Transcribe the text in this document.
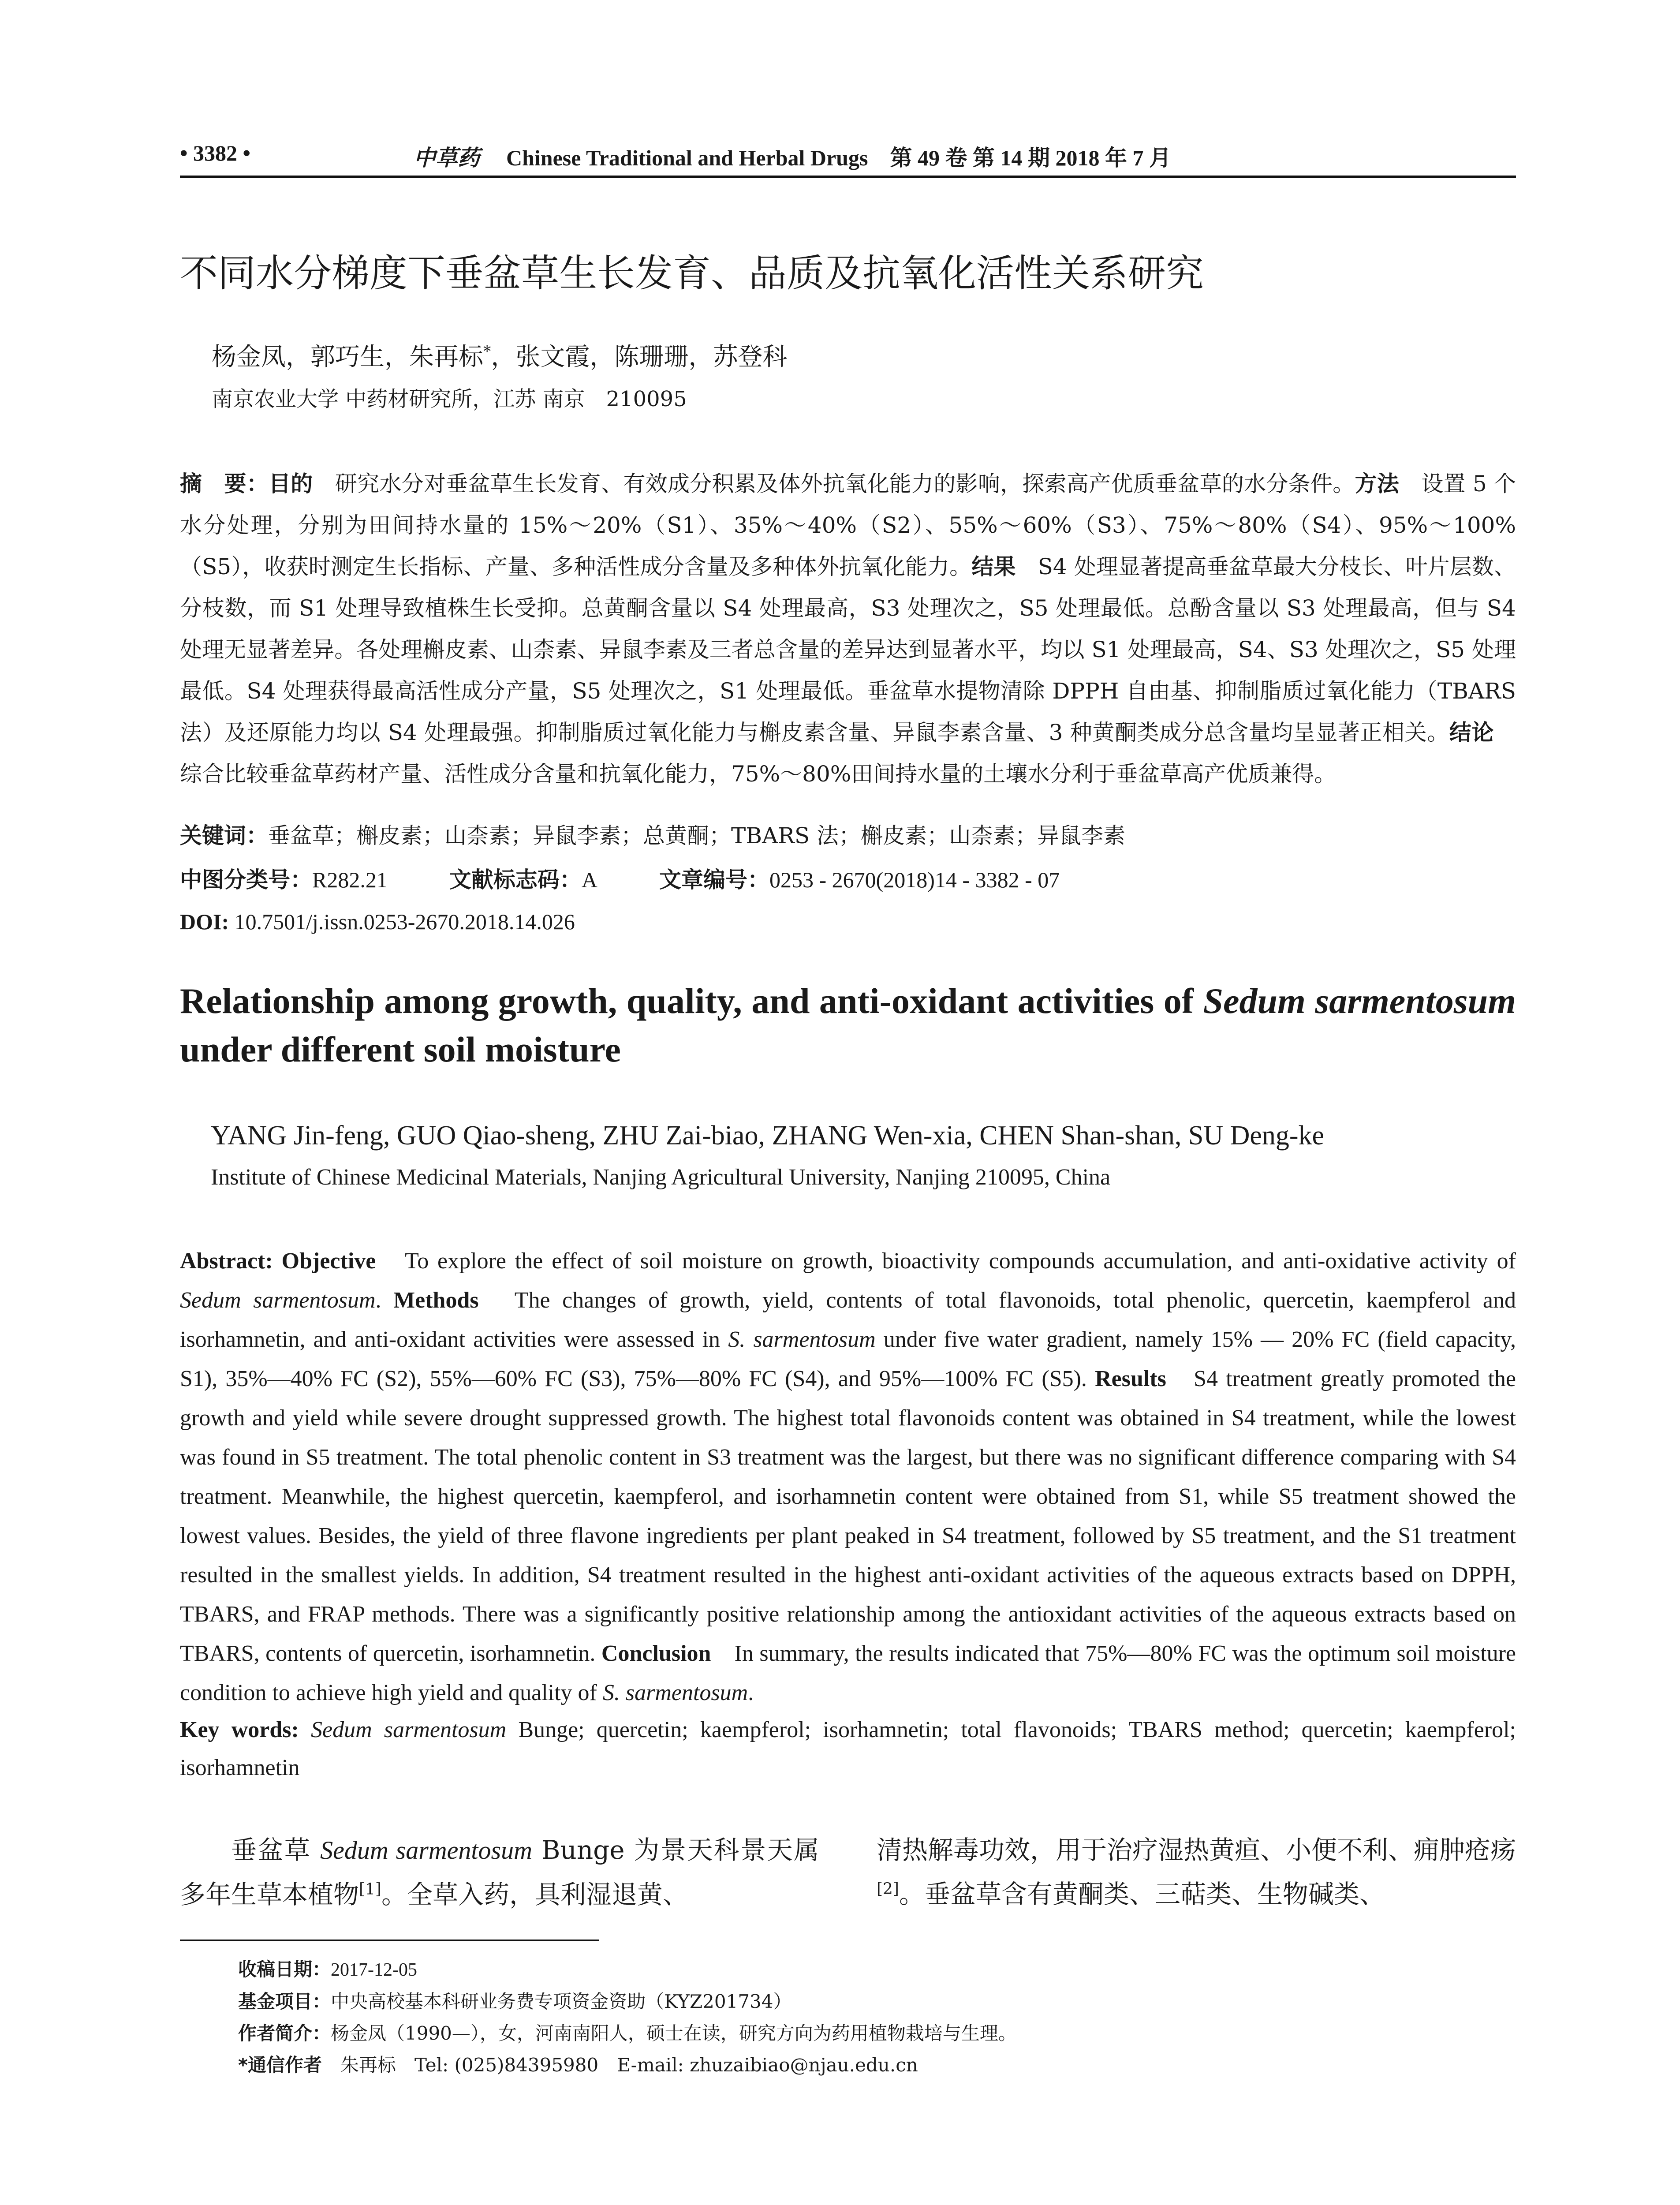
• 3382 •	中草药 Chinese Traditional and Herbal Drugs　第 49 卷 第 14 期 2018 年 7 月
不同水分梯度下垂盆草生长发育、品质及抗氧化活性关系研究
杨金凤，郭巧生，朱再标*，张文霞，陈珊珊，苏登科
南京农业大学 中药材研究所，江苏 南京　210095
摘　要：目的　研究水分对垂盆草生长发育、有效成分积累及体外抗氧化能力的影响，探索高产优质垂盆草的水分条件。方法　设置 5 个水分处理，分别为田间持水量的 15%～20%（S1）、35%～40%（S2）、55%～60%（S3）、75%～80%（S4）、95%～100%（S5），收获时测定生长指标、产量、多种活性成分含量及多种体外抗氧化能力。结果　S4 处理显著提高垂盆草最大分枝长、叶片层数、分枝数，而 S1 处理导致植株生长受抑。总黄酮含量以 S4 处理最高，S3 处理次之，S5 处理最低。总酚含量以 S3 处理最高，但与 S4 处理无显著差异。各处理槲皮素、山柰素、异鼠李素及三者总含量的差异达到显著水平，均以 S1 处理最高，S4、S3 处理次之，S5 处理最低。S4 处理获得最高活性成分产量，S5 处理次之，S1 处理最低。垂盆草水提物清除 DPPH 自由基、抑制脂质过氧化能力（TBARS 法）及还原能力均以 S4 处理最强。抑制脂质过氧化能力与槲皮素含量、异鼠李素含量、3 种黄酮类成分总含量均呈显著正相关。结论　综合比较垂盆草药材产量、活性成分含量和抗氧化能力，75%～80%田间持水量的土壤水分利于垂盆草高产优质兼得。
关键词：垂盆草；槲皮素；山柰素；异鼠李素；总黄酮；TBARS 法；槲皮素；山柰素；异鼠李素
中图分类号：R282.21	文献标志码：A	文章编号：0253 - 2670(2018)14 - 3382 - 07
DOI: 10.7501/j.issn.0253-2670.2018.14.026
Relationship among growth, quality, and anti-oxidant activities of Sedum sarmentosum under different soil moisture
YANG Jin-feng, GUO Qiao-sheng, ZHU Zai-biao, ZHANG Wen-xia, CHEN Shan-shan, SU Deng-ke
Institute of Chinese Medicinal Materials, Nanjing Agricultural University, Nanjing 210095, China
Abstract: Objective　To explore the effect of soil moisture on growth, bioactivity compounds accumulation, and anti-oxidative activity of Sedum sarmentosum. Methods　The changes of growth, yield, contents of total flavonoids, total phenolic, quercetin, kaempferol and isorhamnetin, and anti-oxidant activities were assessed in S. sarmentosum under five water gradient, namely 15% — 20% FC (field capacity, S1), 35%—40% FC (S2), 55%—60% FC (S3), 75%—80% FC (S4), and 95%—100% FC (S5). Results　S4 treatment greatly promoted the growth and yield while severe drought suppressed growth. The highest total flavonoids content was obtained in S4 treatment, while the lowest was found in S5 treatment. The total phenolic content in S3 treatment was the largest, but there was no significant difference comparing with S4 treatment. Meanwhile, the highest quercetin, kaempferol, and isorhamnetin content were obtained from S1, while S5 treatment showed the lowest values. Besides, the yield of three flavone ingredients per plant peaked in S4 treatment, followed by S5 treatment, and the S1 treatment resulted in the smallest yields. In addition, S4 treatment resulted in the highest anti-oxidant activities of the aqueous extracts based on DPPH, TBARS, and FRAP methods. There was a significantly positive relationship among the antioxidant activities of the aqueous extracts based on TBARS, contents of quercetin, isorhamnetin. Conclusion　In summary, the results indicated that 75%—80% FC was the optimum soil moisture condition to achieve high yield and quality of S. sarmentosum.
Key words: Sedum sarmentosum Bunge; quercetin; kaempferol; isorhamnetin; total flavonoids; TBARS method; quercetin; kaempferol; isorhamnetin
垂盆草 Sedum sarmentosum Bunge 为景天科景天属多年生草本植物[1]。全草入药，具利湿退黄、
清热解毒功效，用于治疗湿热黄疸、小便不利、痈肿疮疡[2]。垂盆草含有黄酮类、三萜类、生物碱类、
收稿日期：2017-12-05
基金项目：中央高校基本科研业务费专项资金资助（KYZ201734）
作者简介：杨金凤（1990—），女，河南南阳人，硕士在读，研究方向为药用植物栽培与生理。
*通信作者　朱再标　Tel: (025)84395980　E-mail: zhuzaibiao@njau.edu.cn
